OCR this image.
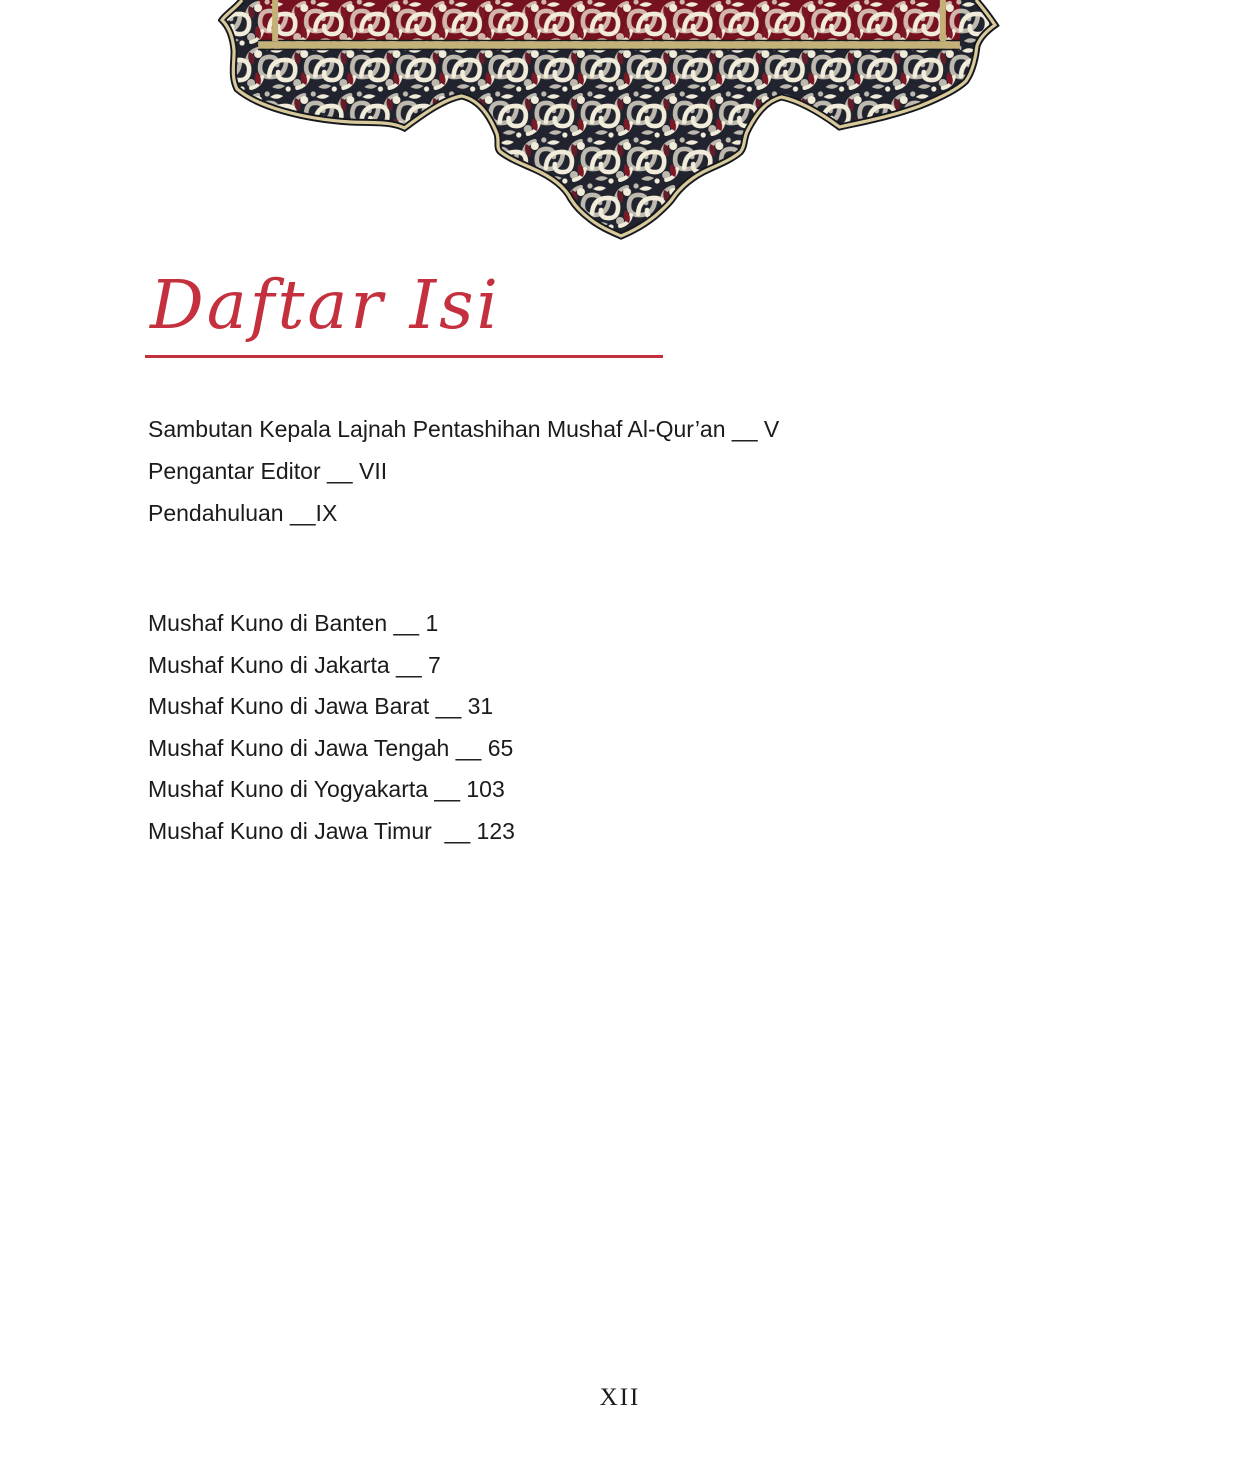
Daftar Isi
Sambutan Kepala Lajnah Pentashihan Mushaf Al-Qur’an __ V
Pengantar Editor __ VII
Pendahuluan __IX
Mushaf Kuno di Banten __ 1
Mushaf Kuno di Jakarta __ 7
Mushaf Kuno di Jawa Barat __ 31
Mushaf Kuno di Jawa Tengah __ 65
Mushaf Kuno di Yogyakarta __ 103
Mushaf Kuno di Jawa Timur  __ 123
XII
